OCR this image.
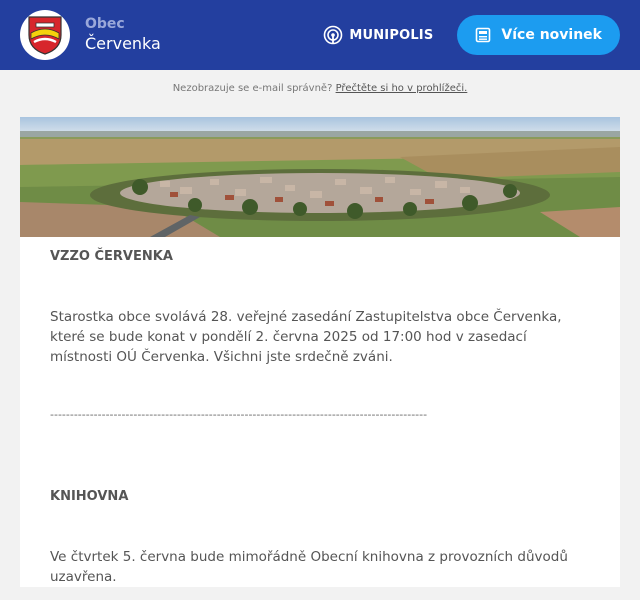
Obec
Červenka	MUNIPOLIS	Více novinek
Nezobrazuje se e-mail správně? Přečtěte si ho v prohlížeči.
VZZO ČERVENKA
Starostka obce svolává 28. veřejné zasedání Zastupitelstva obce Červenka, které se bude konat v pondělí 2. června 2025 od 17:00 hod v zasedací místnosti OÚ Červenka. Všichni jste srdečně zváni.
-----------------------------------------------------------------------------------------------
KNIHOVNA
Ve čtvrtek 5. června bude mimořádně Obecní knihovna z provozních důvodů uzavřena.
